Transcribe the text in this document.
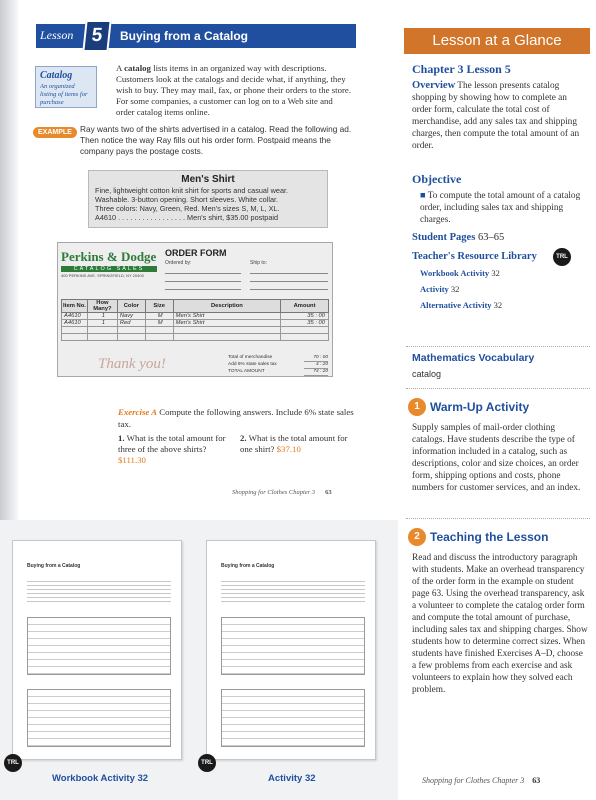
Lesson 5	Buying from a Catalog
Catalog
An organized listing of items for purchase

A catalog lists items in an organized way with descriptions. Customers look at the catalogs and decide what, if anything, they wish to buy. They may mail, fax, or phone their orders to the store. For some companies, a customer can log on to a Web site and order catalog items online.

EXAMPLE Ray wants two of the shirts advertised in a catalog. Read the following ad. Then notice the way Ray fills out his order form. Postpaid means the company pays the postage costs.

Men's Shirt
Fine, lightweight cotton knit shirt for sports and casual wear.
Washable. 3-button opening. Short sleeves. White collar.
Three colors: Navy, Green, Red. Men's sizes S, M, L, XL.
A4610 . . . . . . . . . . . . . . . . . Men's shirt, $35.00 postpaid
Perkins & Dodge
CATALOG SALES
400 PERKINS AVE. SPRINGFIELD, NY 20403
ORDER FORM
Ordered by:	Ship to:
Item No.	How Many?	Color	Size	Description	Amount
A4610	1	Navy	M	Men's Shirt	35 : 00
A4610	1	Red	M	Men's Shirt	35 : 00

Thank you!	Total of merchandise	70 : 00
Add 6% state sales tax	4 : 20
TOTAL AMOUNT	74 : 20

Exercise A Compute the following answers. Include 6% state sales tax.

1. What is the total amount for three of the above shirts? $111.30
2. What is the total amount for one shirt? $37.10
Shopping for Clothes Chapter 3 63
Buying from a Catalog
TRL
Workbook Activity 32
Buying from a Catalog
TRL
Activity 32
Lesson at a Glance
Chapter 3 Lesson 5

Overview The lesson presents catalog shopping by showing how to complete an order form, calculate the total cost of merchandise, add any sales tax and shipping charges, then compute the total amount of an order.

Objective

■ To compute the total amount of a catalog order, including sales tax and shipping charges.

Student Pages 63–65
Teacher's Resource Library	TRL
Workbook Activity 32
Activity 32
Alternative Activity 32
Mathematics Vocabulary
catalog
1 Warm-Up Activity

Supply samples of mail-order clothing catalogs. Have students describe the type of information included in a catalog, such as descriptions, color and size choices, an order form, shipping options and costs, phone numbers for customer services, and an index.

2 Teaching the Lesson

Read and discuss the introductory paragraph with students. Make an overhead transparency of the order form in the example on student page 63. Using the overhead transparency, ask a volunteer to complete the catalog order form and compute the total amount of purchase, including sales tax and shipping charges. Show students how to determine correct sizes. When students have finished Exercises A–D, choose a few problems from each exercise and ask volunteers to explain how they solved each problem.

Shopping for Clothes Chapter 3 63
